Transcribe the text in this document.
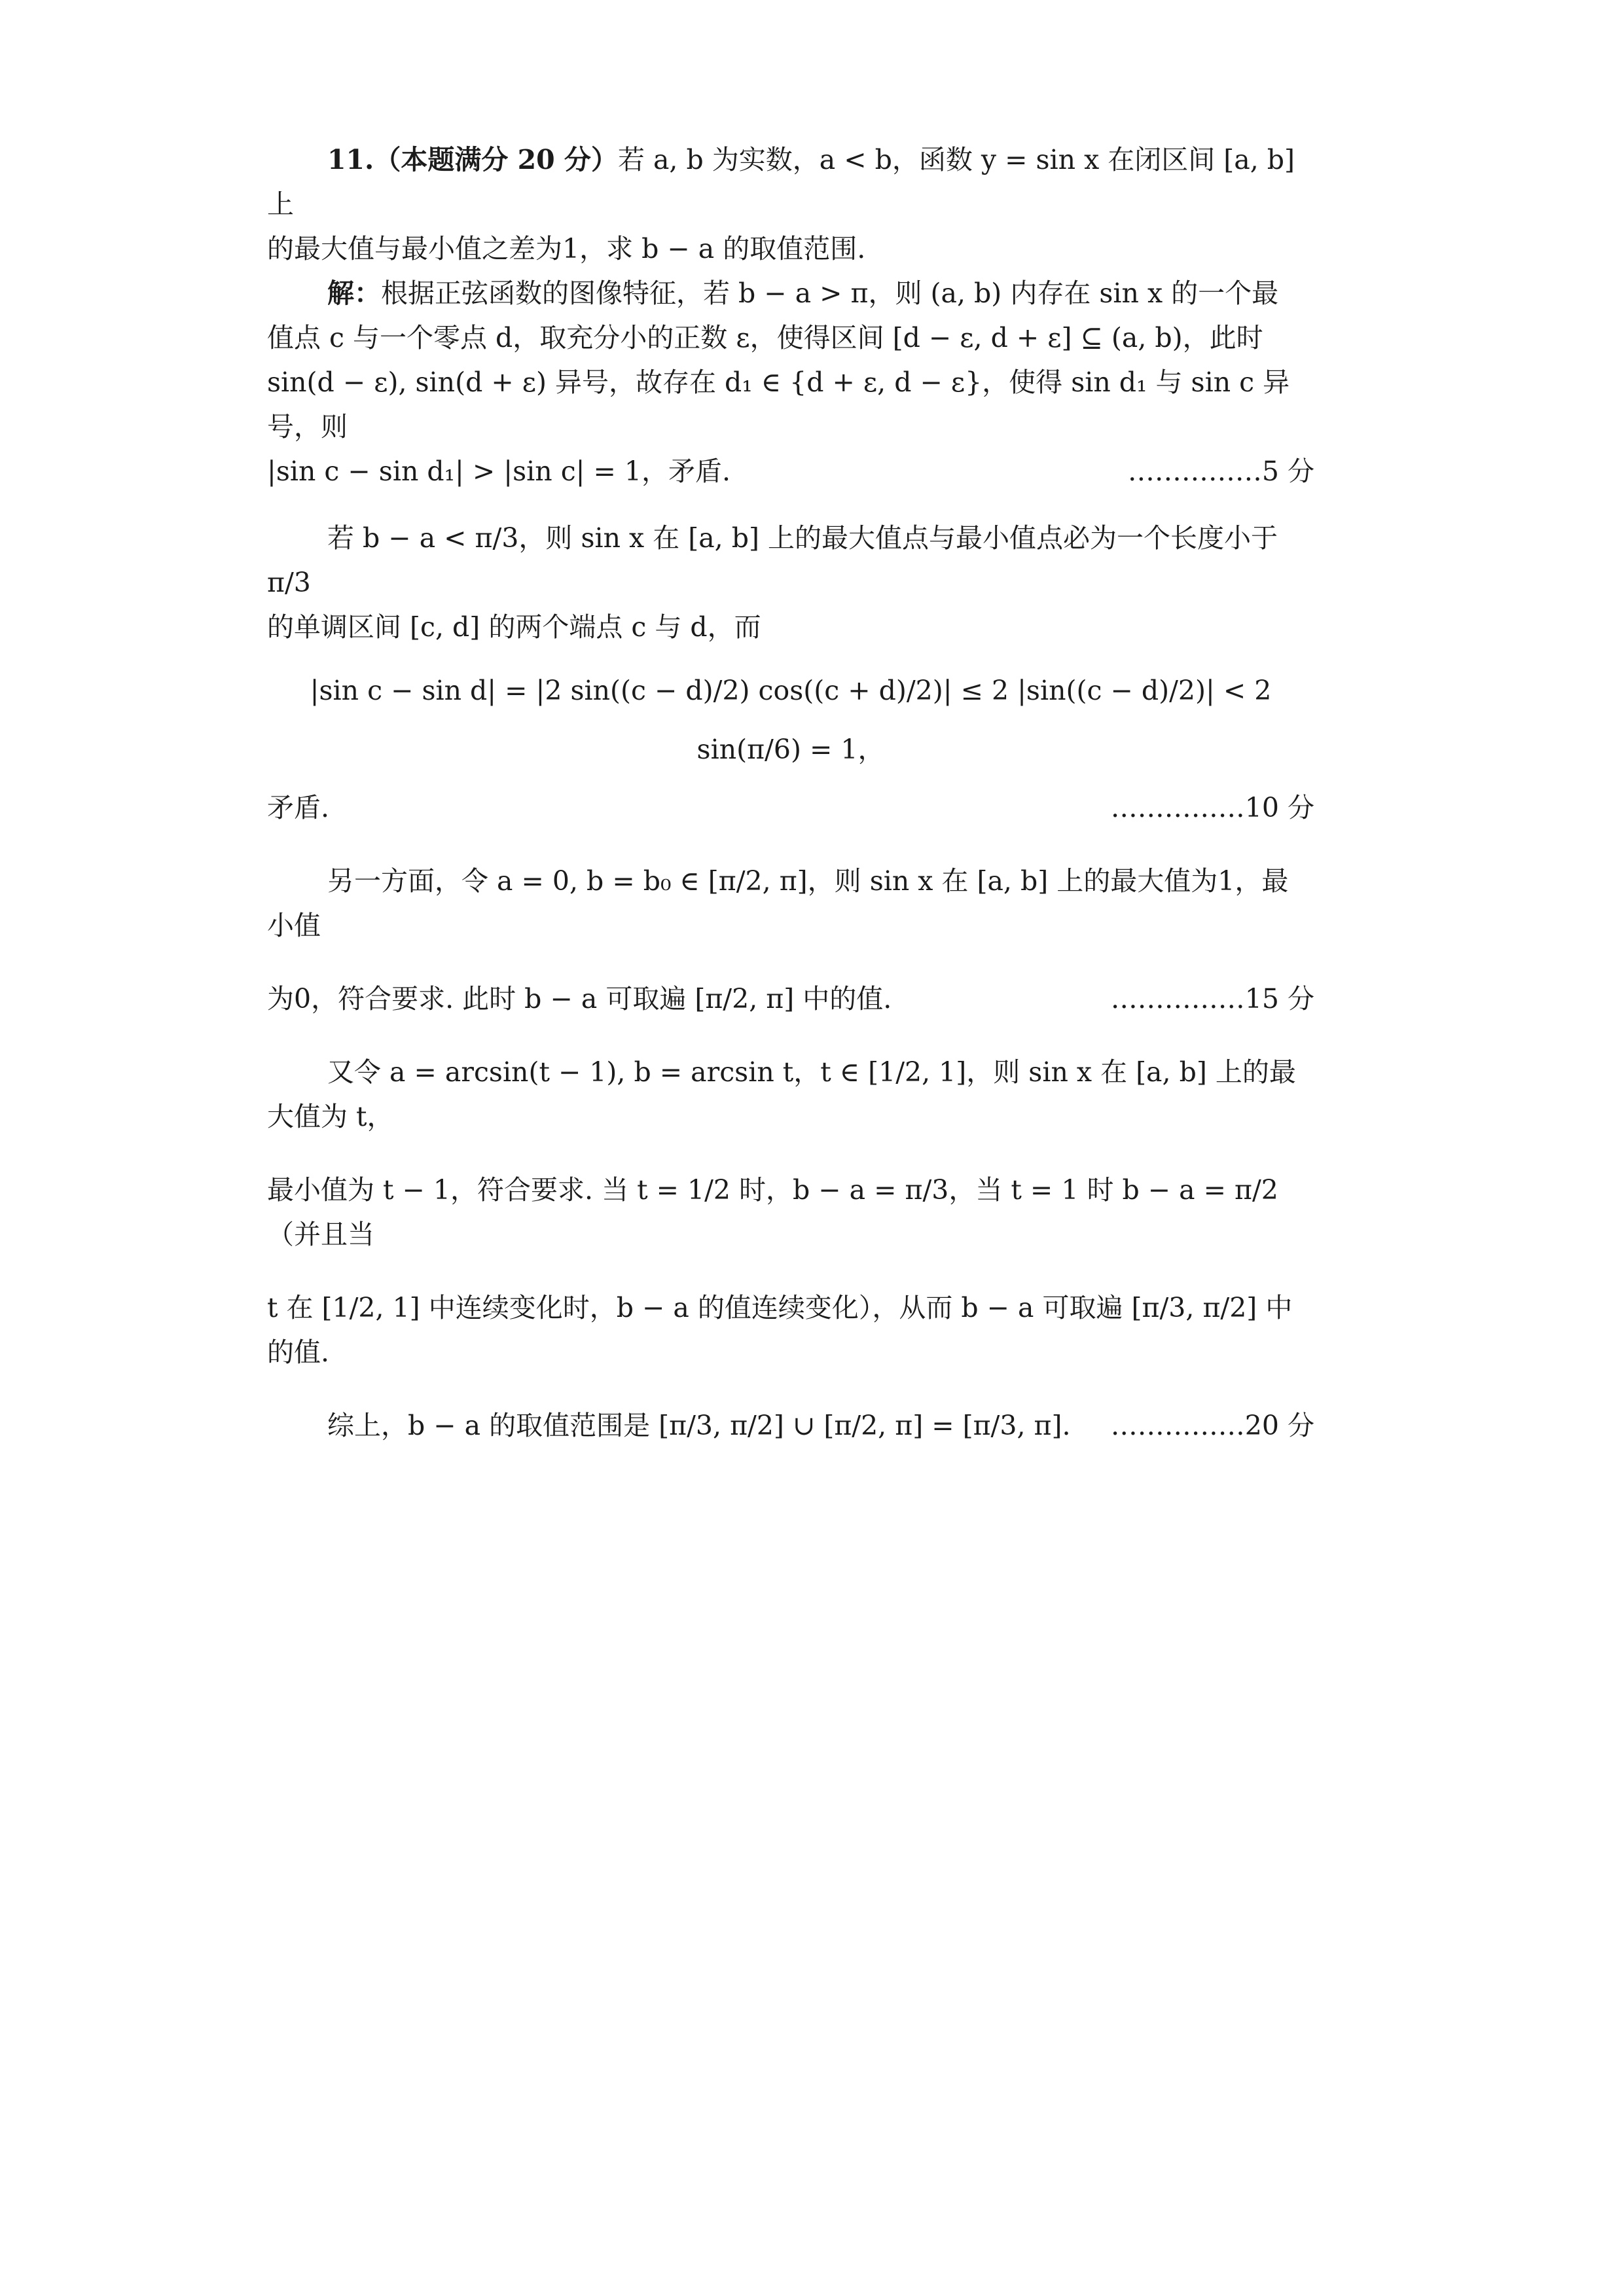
11.（本题满分 20 分）若 a, b 为实数，a < b，函数 y = sin x 在闭区间 [a, b] 上

的最大值与最小值之差为1，求 b − a 的取值范围.

解：根据正弦函数的图像特征，若 b − a > π，则 (a, b) 内存在 sin x 的一个最

值点 c 与一个零点 d，取充分小的正数 ε，使得区间 [d − ε, d + ε] ⊆ (a, b)，此时

sin(d − ε), sin(d + ε) 异号，故存在 d₁ ∈ {d + ε, d − ε}，使得 sin d₁ 与 sin c 异号，则

|sin c − sin d₁| > |sin c| = 1，矛盾.	……………5 分

若 b − a < π/3，则 sin x 在 [a, b] 上的最大值点与最小值点必为一个长度小于 π/3

的单调区间 [c, d] 的两个端点 c 与 d，而

|sin c − sin d| = |2 sin((c − d)/2) cos((c + d)/2)| ≤ 2 |sin((c − d)/2)| < 2 sin(π/6) = 1，

矛盾.	……………10 分

另一方面，令 a = 0, b = b₀ ∈ [π/2, π]，则 sin x 在 [a, b] 上的最大值为1，最小值

为0，符合要求. 此时 b − a 可取遍 [π/2, π] 中的值.	……………15 分

又令 a = arcsin(t − 1), b = arcsin t，t ∈ [1/2, 1]，则 sin x 在 [a, b] 上的最大值为 t，

最小值为 t − 1，符合要求. 当 t = 1/2 时，b − a = π/3，当 t = 1 时 b − a = π/2（并且当

t 在 [1/2, 1] 中连续变化时，b − a 的值连续变化），从而 b − a 可取遍 [π/3, π/2] 中的值.

综上，b − a 的取值范围是 [π/3, π/2] ∪ [π/2, π] = [π/3, π]. ……………20 分
